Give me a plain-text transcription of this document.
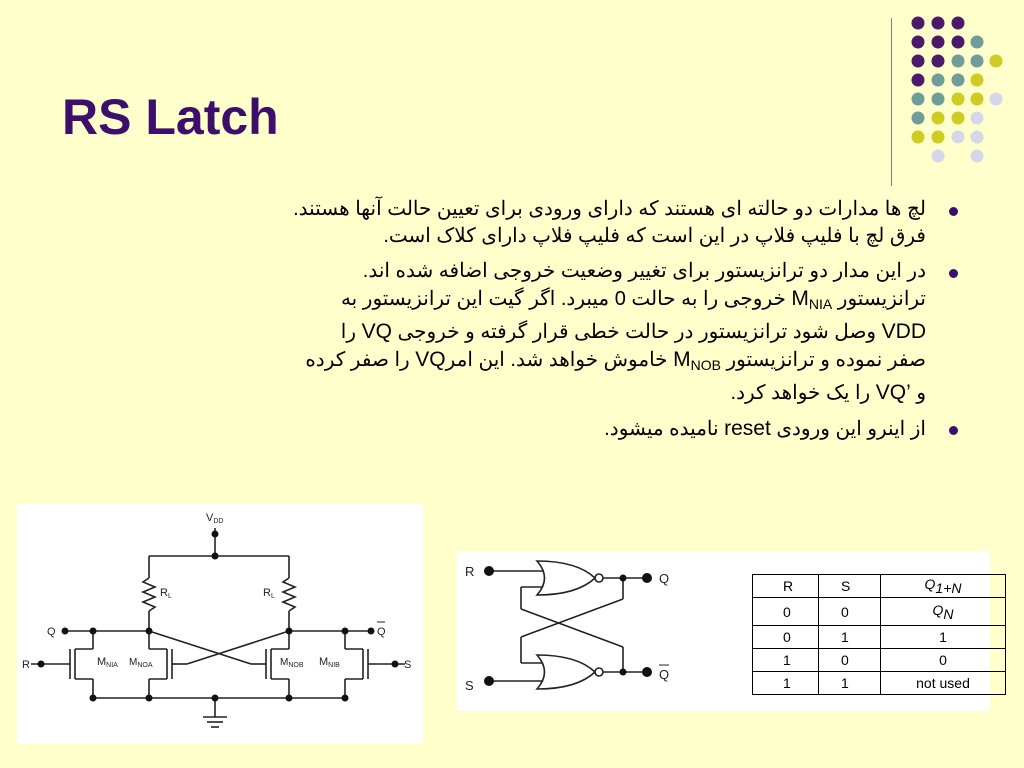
RS Latch
لچ ها مدارات دو حالته ای هستند که دارای ورودی برای تعیین حالت آنها هستند.
فرق لچ با فلیپ فلاپ در این است که فلیپ فلاپ دارای کلاک است.
در این مدار دو ترانزیستور برای تغییر وضعیت خروجی اضافه شده اند.
ترانزیستور $M_{NIA}$ خروجی را به حالت 0 میبرد. اگر گیت این ترانزیستور به
VDD وصل شود ترانزیستور در حالت خطی قرار گرفته و خروجی VQ را
صفر نموده و ترانزیستور $M_{NOB}$ خاموش خواهد شد. این امرVQ را صفر کرده
و VQ’ را یک خواهد کرد.
از اینرو این ورودی reset نامیده میشود.
VDD
RL	RL
Q	Q
R	S
MNIA $M_{NOA}$	$M_{NOB}$ MNIB
R
S
Q
Q
R	S	$Q_{1+N}$
0	0	$Q_N$
0	1	1
1	0	0
1	1	not used
